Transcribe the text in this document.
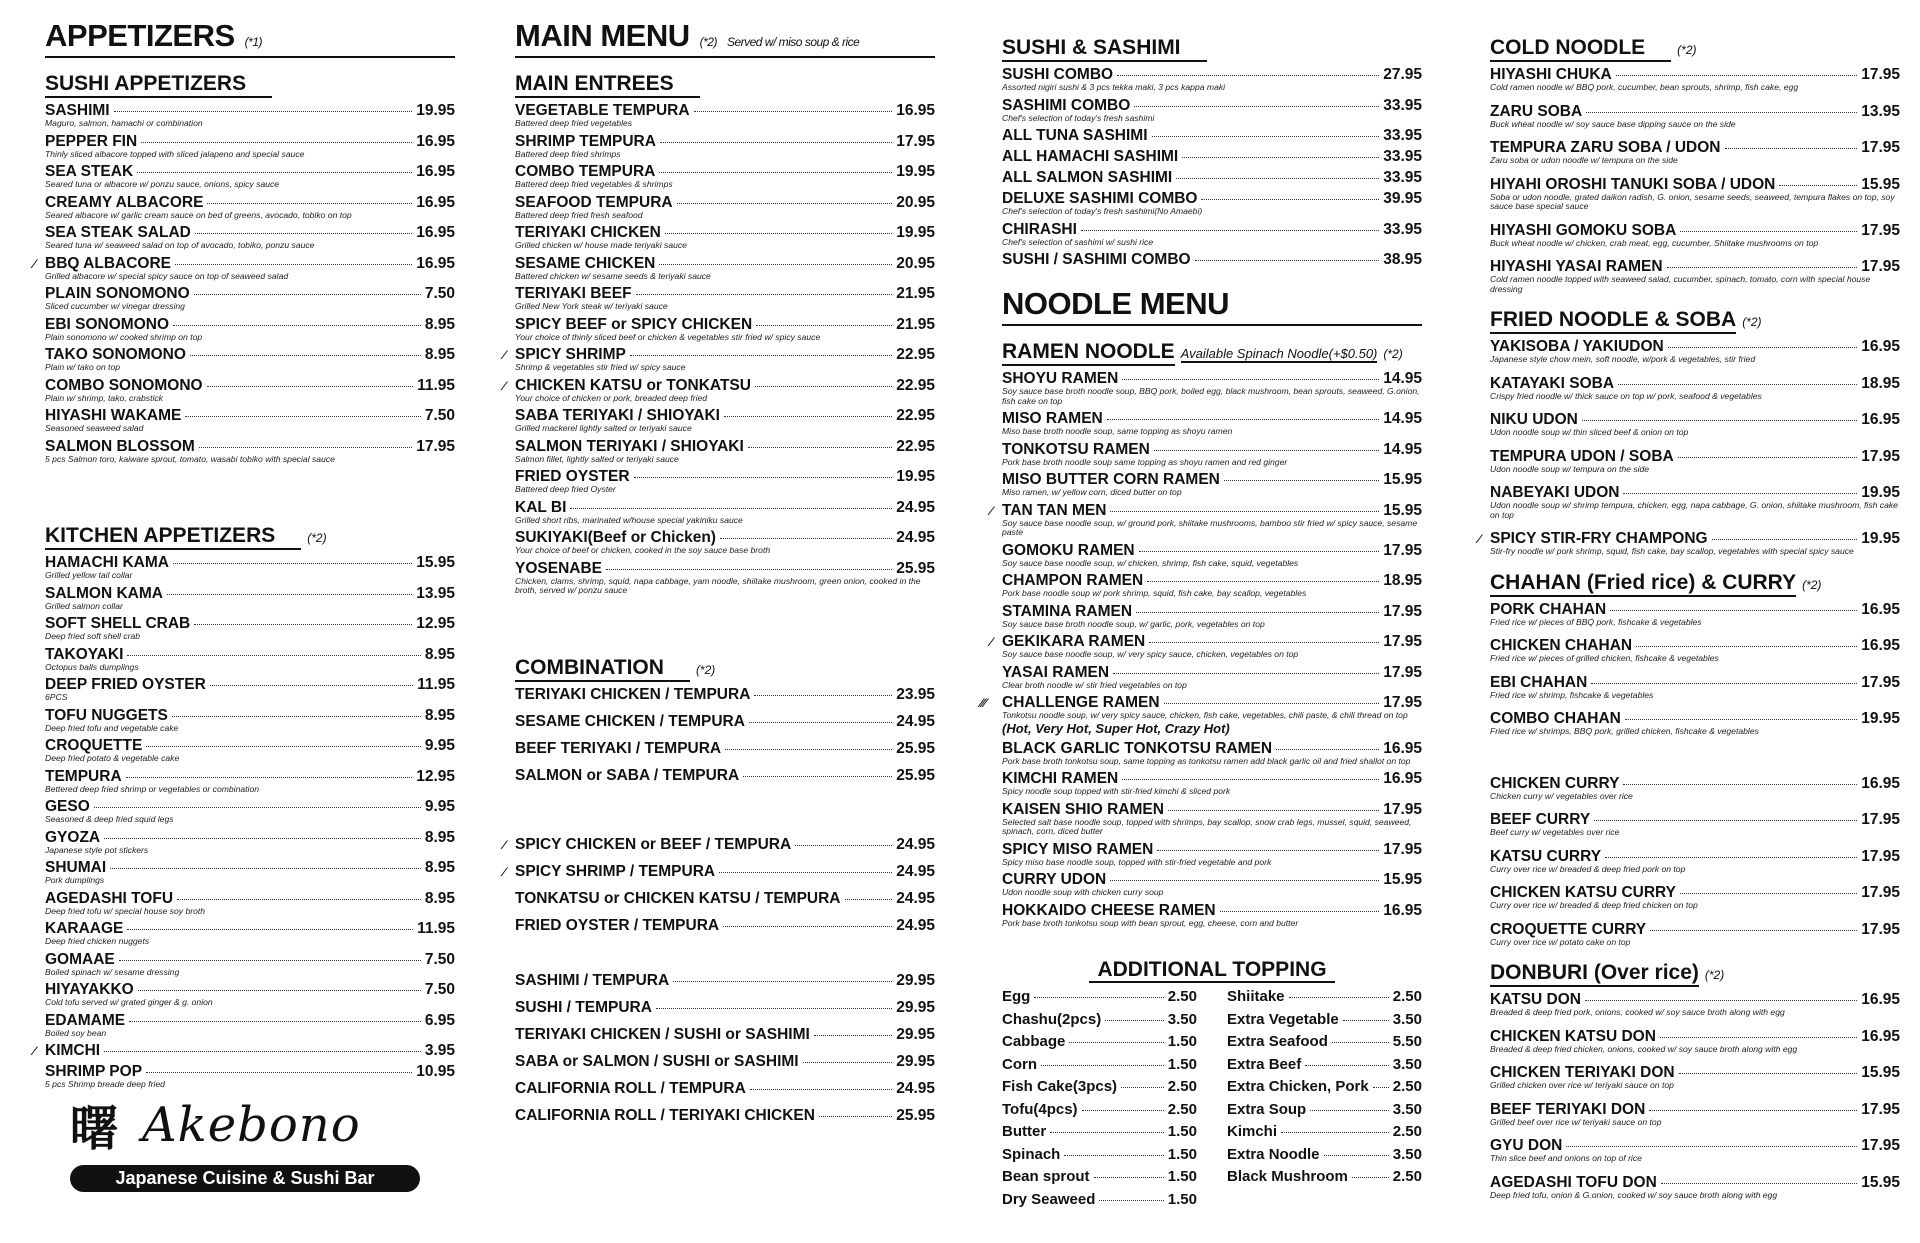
APPETIZERS (*1)
SUSHI APPETIZERS
SASHIMI	19.95
Maguro, salmon, hamachi or combination
PEPPER FIN	16.95
Thinly sliced albacore topped with sliced jalapeno and special sauce
SEA STEAK	16.95
Seared tuna or albacore w/ ponzu sauce, onions, spicy sauce
CREAMY ALBACORE	16.95
Seared albacore w/ garlic cream sauce on bed of greens, avocado, tobiko on top
SEA STEAK SALAD	16.95
Seared tuna w/ seaweed salad on top of avocado, tobiko, ponzu sauce
⁄ BBQ ALBACORE	16.95
Grilled albacore w/ special spicy sauce on top of seaweed salad
PLAIN SONOMONO	7.50
Sliced cucumber w/ vinegar dressing
EBI SONOMONO	8.95
Plain sonomono w/ cooked shrimp on top
TAKO SONOMONO	8.95
Plain w/ tako on top
COMBO SONOMONO	11.95
Plain w/ shrimp, tako, crabstick
HIYASHI WAKAME	7.50
Seasoned seaweed salad
SALMON BLOSSOM	17.95
5 pcs Salmon toro, kaiware sprout, tomato, wasabi tobiko with special sauce
KITCHEN APPETIZERS	(*2)
HAMACHI KAMA	15.95
Grilled yellow tail collar
SALMON KAMA	13.95
Grilled salmon collar
SOFT SHELL CRAB	12.95
Deep fried soft shell crab
TAKOYAKI	8.95
Octopus balls dumplings
DEEP FRIED OYSTER	11.95
6PCS
TOFU NUGGETS	8.95
Deep fried tofu and vegetable cake
CROQUETTE	9.95
Deep fried potato & vegetable cake
TEMPURA	12.95
Bettered deep fried shrimp or vegetables or combination
GESO	9.95
Seasoned & deep fried squid legs
GYOZA	8.95
Japanese style pot stickers
SHUMAI	8.95
Pork dumplings
AGEDASHI TOFU	8.95
Deep fried tofu w/ special house soy broth
KARAAGE	11.95
Deep fried chicken nuggets
GOMAAE	7.50
Boiled spinach w/ sesame dressing
HIYAYAKKO	7.50
Cold tofu served w/ grated ginger & g. onion
EDAMAME	6.95
Boiled soy bean
⁄ KIMCHI	3.95
SHRIMP POP	10.95
5 pcs Shrimp breade deep fried
曙 Akebono
Japanese Cuisine & Sushi Bar
MAIN MENU (*2) Served w/ miso soup & rice
MAIN ENTREES
VEGETABLE TEMPURA	16.95
Battered deep fried vegetables
SHRIMP TEMPURA	17.95
Battered deep fried shrimps
COMBO TEMPURA	19.95
Battered deep fried vegetables & shrimps
SEAFOOD TEMPURA	20.95
Battered deep fried fresh seafood
TERIYAKI CHICKEN	19.95
Grilled chicken w/ house made teriyaki sauce
SESAME CHICKEN	20.95
Battered chicken w/ sesame seeds & teriyaki sauce
TERIYAKI BEEF	21.95
Grilled New York steak w/ teriyaki sauce
SPICY BEEF or SPICY CHICKEN	21.95
Your choice of thinly sliced beef or chicken & vegetables stir fried w/ spicy sauce
⁄ SPICY SHRIMP	22.95
Shrimp & vegetables stir fried w/ spicy sauce
⁄ CHICKEN KATSU or TONKATSU	22.95
Your choice of chicken or pork, breaded deep fried
SABA TERIYAKI / SHIOYAKI	22.95
Grilled mackerel lightly salted or teriyaki sauce
SALMON TERIYAKI / SHIOYAKI	22.95
Salmon fillet, lightly salted or teriyaki sauce
FRIED OYSTER	19.95
Battered deep fried Oyster
KAL BI	24.95
Grilled short ribs, marinated w/house special yakiniku sauce
SUKIYAKI(Beef or Chicken)	24.95
Your choice of beef or chicken, cooked in the soy sauce base broth
YOSENABE	25.95
Chicken, clams, shrimp, squid, napa cabbage, yam noodle, shiitake mushroom, green onion, cooked in the broth, served w/ ponzu sauce
COMBINATION	(*2)
TERIYAKI CHICKEN / TEMPURA	23.95
SESAME CHICKEN / TEMPURA	24.95
BEEF TERIYAKI / TEMPURA	25.95
SALMON or SABA / TEMPURA	25.95
⁄ SPICY CHICKEN or BEEF / TEMPURA	24.95
⁄ SPICY SHRIMP / TEMPURA	24.95
TONKATSU or CHICKEN KATSU / TEMPURA	24.95
FRIED OYSTER / TEMPURA	24.95
SASHIMI / TEMPURA	29.95
SUSHI / TEMPURA	29.95
TERIYAKI CHICKEN / SUSHI or SASHIMI	29.95
SABA or SALMON / SUSHI or SASHIMI	29.95
CALIFORNIA ROLL / TEMPURA	24.95
CALIFORNIA ROLL / TERIYAKI CHICKEN	25.95
SUSHI & SASHIMI
SUSHI COMBO	27.95
Assorted nigiri sushi & 3 pcs tekka maki, 3 pcs kappa maki
SASHIMI COMBO	33.95
Chef's selection of today's fresh sashimi
ALL TUNA SASHIMI	33.95
ALL HAMACHI SASHIMI	33.95
ALL SALMON SASHIMI	33.95
DELUXE SASHIMI COMBO	39.95
Chef's selection of today's fresh sashimi(No Amaebi)
CHIRASHI	33.95
Chef's selection of sashimi w/ sushi rice
SUSHI / SASHIMI COMBO	38.95
NOODLE MENU
RAMEN NOODLE Available Spinach Noodle(+$0.50) (*2)
SHOYU RAMEN	14.95
Soy sauce base broth noodle soup, BBQ pork, boiled egg, black mushroom, bean sprouts, seaweed, G.onion, fish cake on top
MISO RAMEN	14.95
Miso base broth noodle soup, same topping as shoyu ramen
TONKOTSU RAMEN	14.95
Pork base broth noodle soup same topping as shoyu ramen and red ginger
MISO BUTTER CORN RAMEN	15.95
Miso ramen, w/ yellow corn, diced butter on top
⁄ TAN TAN MEN	15.95
Soy sauce base noodle soup, w/ ground pork, shiitake mushrooms, bamboo stir fried w/ spicy sauce, sesame paste
GOMOKU RAMEN	17.95
Soy sauce base noodle soup, w/ chicken, shrimp, fish cake, squid, vegetables
CHAMPON RAMEN	18.95
Pork base noodle soup w/ pork shrimp, squid, fish cake, bay scallop, vegetables
STAMINA RAMEN	17.95
Soy sauce base broth noodle soup, w/ garlic, pork, vegetables on top
⁄ GEKIKARA RAMEN	17.95
Soy sauce base noodle soup, w/ very spicy sauce, chicken, vegetables on top
YASAI RAMEN	17.95
Clear broth noodle w/ stir fried vegetables on top
⁄⁄⁄ CHALLENGE RAMEN	17.95
Tonkotsu noodle soup, w/ very spicy sauce, chicken, fish cake, vegetables, chili paste, & chili thread on top
(Hot, Very Hot, Super Hot, Crazy Hot)
BLACK GARLIC TONKOTSU RAMEN	16.95
Pork base broth tonkotsu soup, same topping as tonkotsu ramen add black garlic oil and fried shallot on top
KIMCHI RAMEN	16.95
Spicy noodle soup topped with stir-fried kimchi & sliced pork
KAISEN SHIO RAMEN	17.95
Selected salt base noodle soup, topped with shrimps, bay scallop, snow crab legs, mussel, squid, seaweed, spinach, corn, diced butter
SPICY MISO RAMEN	17.95
Spicy miso base noodle soup, topped with stir-fried vegetable and pork
CURRY UDON	15.95
Udon noodle soup with chicken curry soup
HOKKAIDO CHEESE RAMEN	16.95
Pork base broth tonkotsu soup with bean sprout, egg, cheese, corn and butter
ADDITIONAL TOPPING
Egg	2.50
Chashu(2pcs)	3.50
Cabbage	1.50
Corn	1.50
Fish Cake(3pcs)	2.50
Tofu(4pcs)	2.50
Butter	1.50
Spinach	1.50
Bean sprout	1.50
Dry Seaweed	1.50
Shiitake	2.50
Extra Vegetable	3.50
Extra Seafood	5.50
Extra Beef	3.50
Extra Chicken, Pork 2.50
Extra Soup	3.50
Kimchi	2.50
Extra Noodle	3.50
Black Mushroom	2.50
COLD NOODLE	(*2)
HIYASHI CHUKA	17.95
Cold ramen noodle w/ BBQ pork, cucumber, bean sprouts, shrimp, fish cake, egg
ZARU SOBA	13.95
Buck wheat noodle w/ soy sauce base dipping sauce on the side
TEMPURA ZARU SOBA / UDON	17.95
Zaru soba or udon noodle w/ tempura on the side
HIYAHI OROSHI TANUKI SOBA / UDON	15.95
Soba or udon noodle, grated daikon radish, G. onion, sesame seeds, seaweed, tempura flakes on top, soy sauce base special sauce
HIYASHI GOMOKU SOBA	17.95
Buck wheat noodle w/ chicken, crab meat, egg, cucumber, Shiitake mushrooms on top
HIYASHI YASAI RAMEN	17.95
Cold ramen noodle topped with seaweed salad, cucumber, spinach, tomato, corn with special house dressing
FRIED NOODLE & SOBA (*2)
YAKISOBA / YAKIUDON	16.95
Japanese style chow mein, soft noodle, w/pork & vegetables, stir fried
KATAYAKI SOBA	18.95
Crispy fried noodle w/ thick sauce on top w/ pork, seafood & vegetables
NIKU UDON	16.95
Udon noodle soup w/ thin sliced beef & onion on top
TEMPURA UDON / SOBA	17.95
Udon noodle soup w/ tempura on the side
NABEYAKI UDON	19.95
Udon noodle soup w/ shrimp tempura, chicken, egg, napa cabbage, G. onion, shiitake mushroom, fish cake on top
⁄ SPICY STIR-FRY CHAMPONG	19.95
Stir-fry noodle w/ pork shrimp, squid, fish cake, bay scallop, vegetables with special spicy sauce
CHAHAN (Fried rice) & CURRY (*2)
PORK CHAHAN	16.95
Fried rice w/ pieces of BBQ pork, fishcake & vegetables
CHICKEN CHAHAN	16.95
Fried rice w/ pieces of grilled chicken, fishcake & vegetables
EBI CHAHAN	17.95
Fried rice w/ shrimp, fishcake & vegetables
COMBO CHAHAN	19.95
Fried rice w/ shrimps, BBQ pork, grilled chicken, fishcake & vegetables
CHICKEN CURRY	16.95
Chicken curry w/ vegetables over rice
BEEF CURRY	17.95
Beef curry w/ vegetables over rice
KATSU CURRY	17.95
Curry over rice w/ breaded & deep fried pork on top
CHICKEN KATSU CURRY	17.95
Curry over rice w/ breaded & deep fried chicken on top
CROQUETTE CURRY	17.95
Curry over rice w/ potato cake on top
DONBURI (Over rice) (*2)
KATSU DON	16.95
Breaded & deep fried pork, onions, cooked w/ soy sauce broth along with egg
CHICKEN KATSU DON	16.95
Breaded & deep fried chicken, onions, cooked w/ soy sauce broth along with egg
CHICKEN TERIYAKI DON	15.95
Grilled chicken over rice w/ teriyaki sauce on top
BEEF TERIYAKI DON	17.95
Grilled beef over rice w/ teriyaki sauce on top
GYU DON	17.95
Thin slice beef and onions on top of rice
AGEDASHI TOFU DON	15.95
Deep fried tofu, onion & G.onion, cooked w/ soy sauce broth along with egg
